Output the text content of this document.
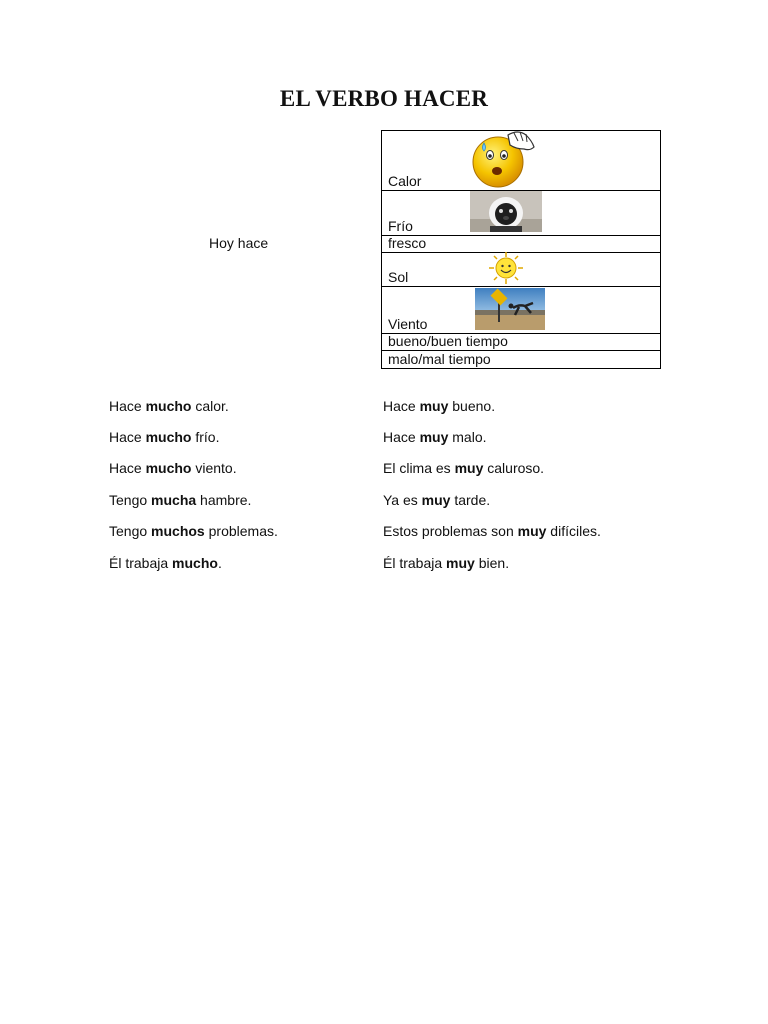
EL VERBO HACER
Hoy hace
Calor
Frío
fresco
Sol
Viento
bueno/buen tiempo
malo/mal tiempo
Hace mucho calor.
Hace mucho frío.
Hace mucho viento.
Tengo mucha hambre.
Tengo muchos problemas.
Él trabaja mucho.
Hace muy bueno.
Hace muy malo.
El clima es muy caluroso.
Ya es muy tarde.
Estos problemas son muy difíciles.
Él trabaja muy bien.
